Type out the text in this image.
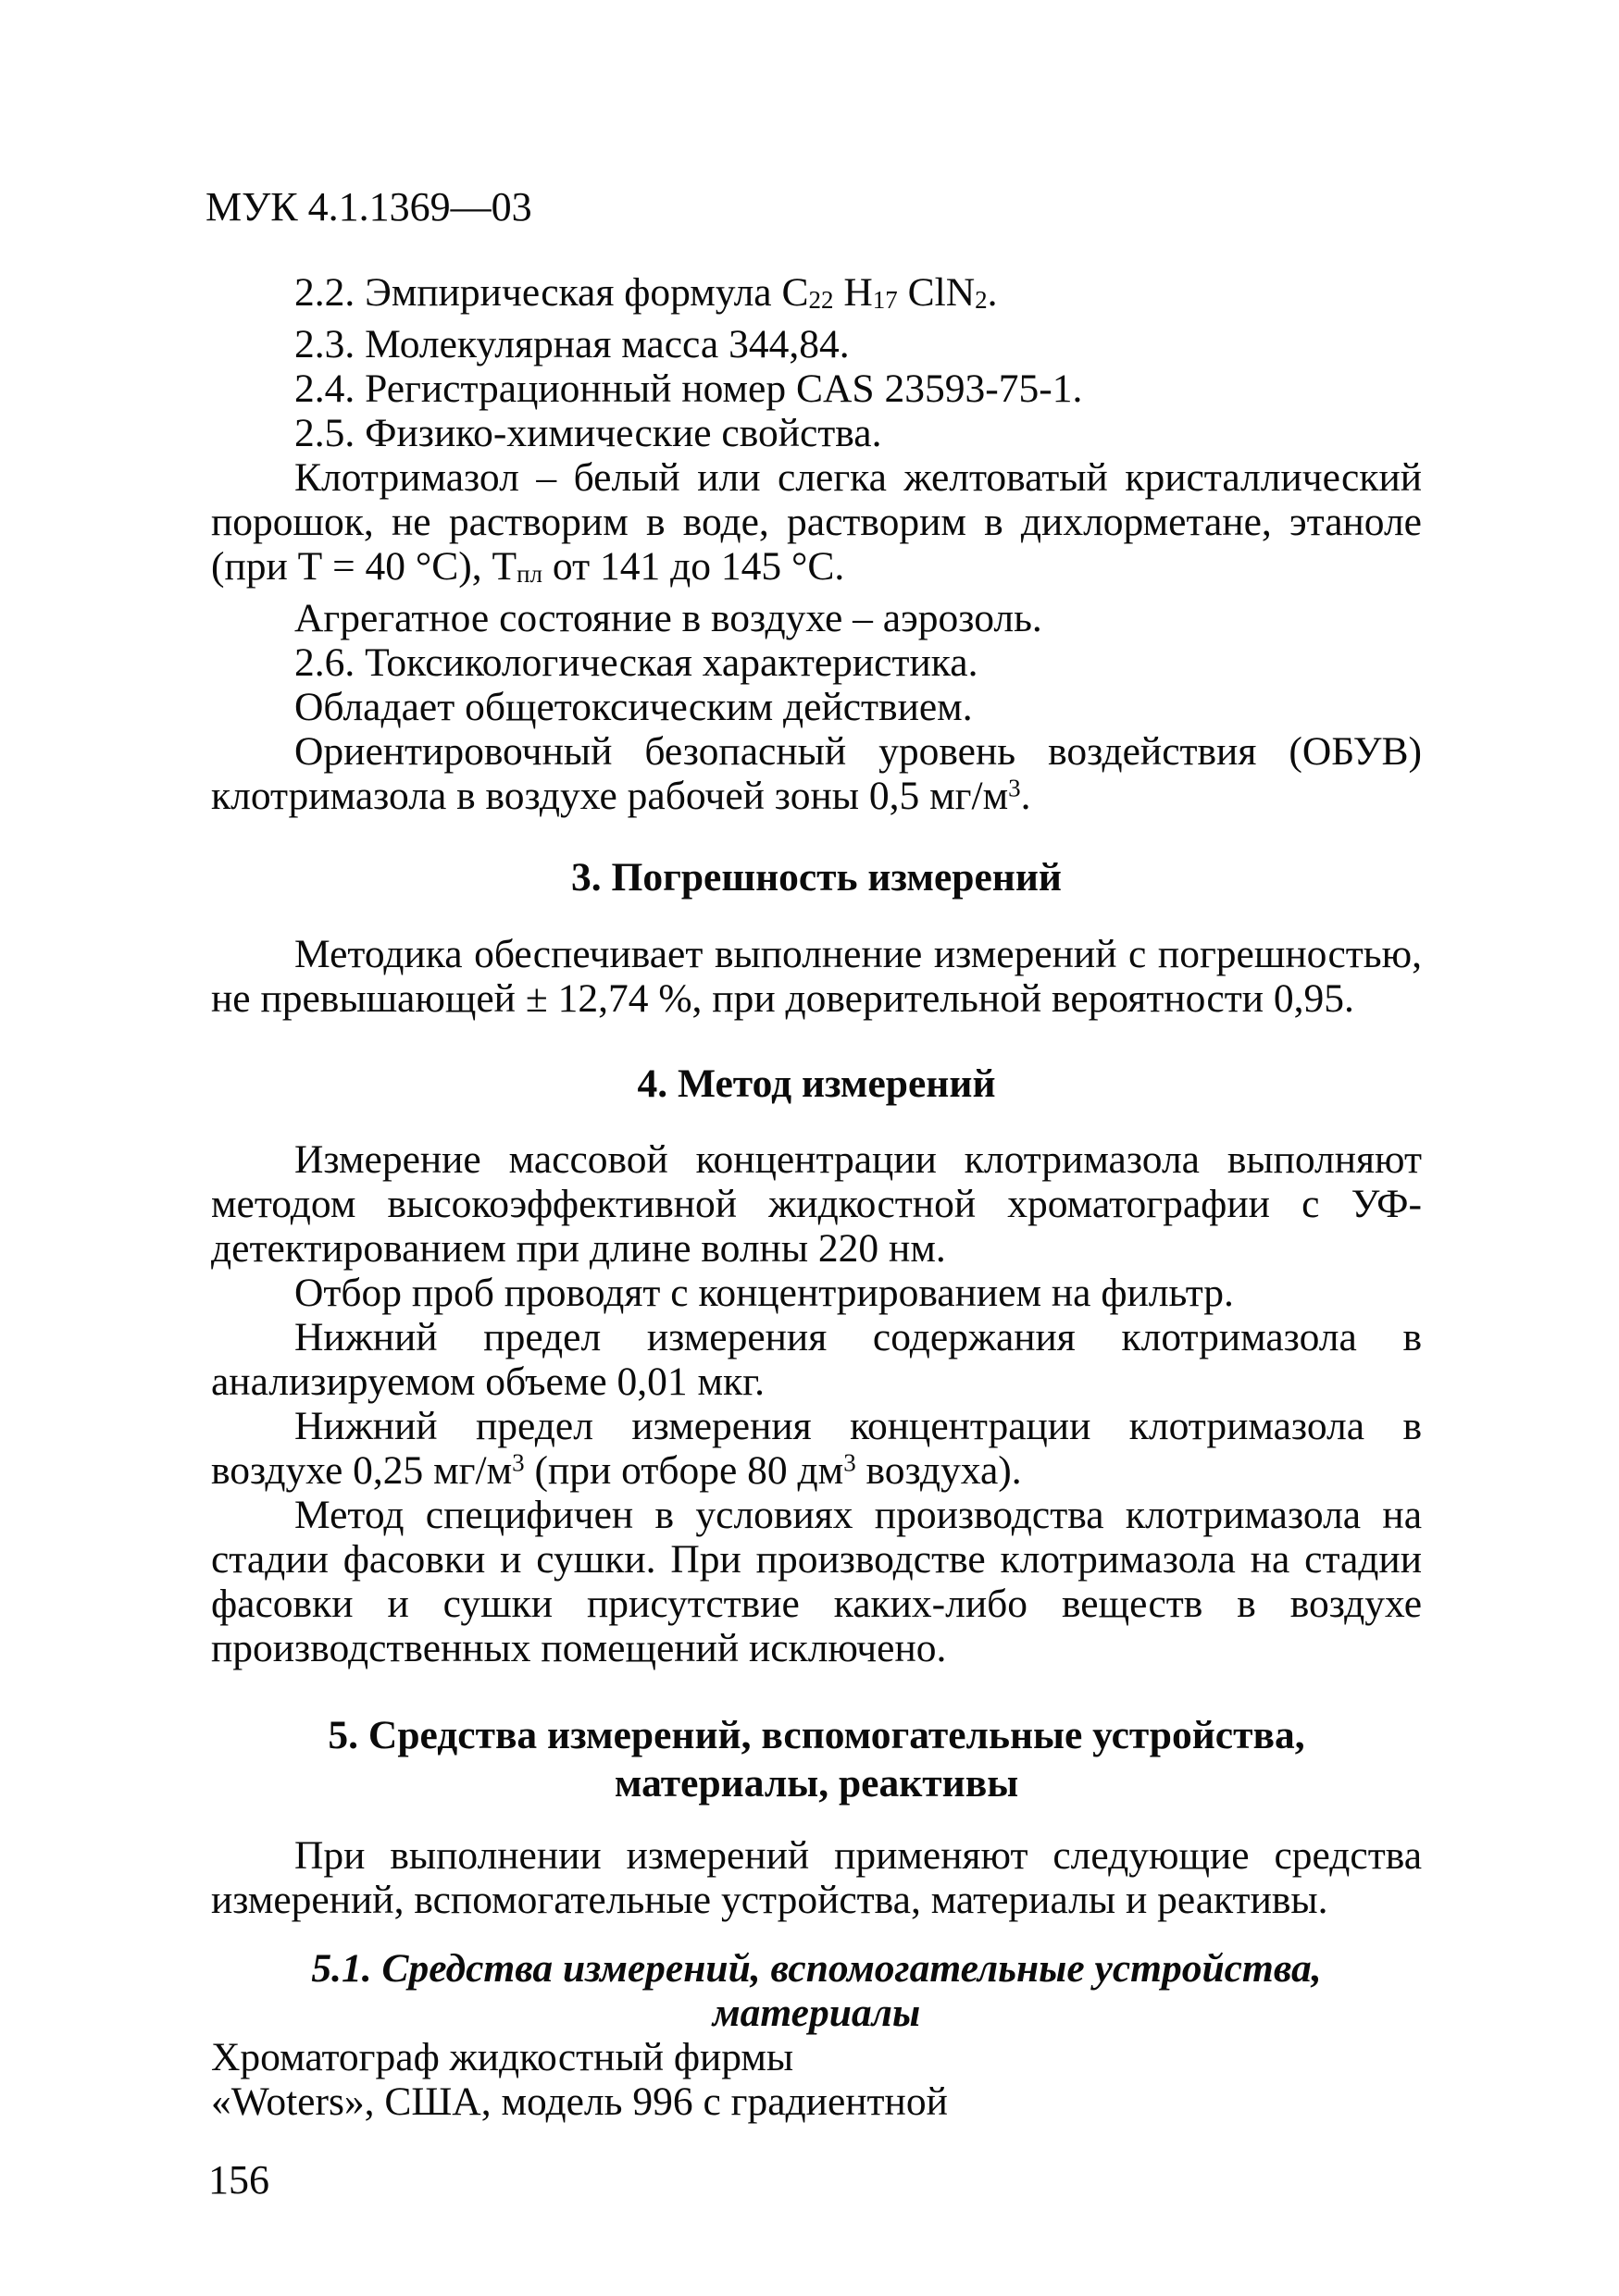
МУК 4.1.1369—03

2.2. Эмпирическая формула $C_{22}$ $H_{17}$ ClN$_2$.

2.3. Молекулярная масса 344,84.

2.4. Регистрационный номер CAS 23593-75-1.

2.5. Физико-химические свойства.

Клотримазол – белый или слегка желтоватый кристаллический порошок, не растворим в воде, растворим в дихлорметане, этаноле (при Т = 40 °С), $Т_{пл}$ от 141 до 145 °С.

Агрегатное состояние в воздухе – аэрозоль.

2.6. Токсикологическая характеристика.

Обладает общетоксическим действием.

Ориентировочный безопасный уровень воздействия (ОБУВ) клотримазола в воздухе рабочей зоны 0,5 $мг/м^3$.

3. Погрешность измерений

Методика обеспечивает выполнение измерений с погрешностью, не превышающей ± 12,74 %, при доверительной вероятности 0,95.

4. Метод измерений

Измерение массовой концентрации клотримазола выполняют методом высокоэффективной жидкостной хроматографии с УФ-детектированием при длине волны 220 нм.

Отбор проб проводят с концентрированием на фильтр.

Нижний предел измерения содержания клотримазола в анализируемом объеме 0,01 мкг.

Нижний предел измерения концентрации клотримазола в воздухе 0,25 $мг/м^3$ (при отборе 80 $дм^3$ воздуха).

Метод специфичен в условиях производства клотримазола на стадии фасовки и сушки. При производстве клотримазола на стадии фасовки и сушки присутствие каких-либо веществ в воздухе производственных помещений исключено.

5. Средства измерений, вспомогательные устройства,
материалы, реактивы

При выполнении измерений применяют следующие средства измерений, вспомогательные устройства, материалы и реактивы.

5.1. Средства измерений, вспомогательные устройства, материалы

Хроматограф жидкостный фирмы

«Woters», США, модель 996 с градиентной

156
